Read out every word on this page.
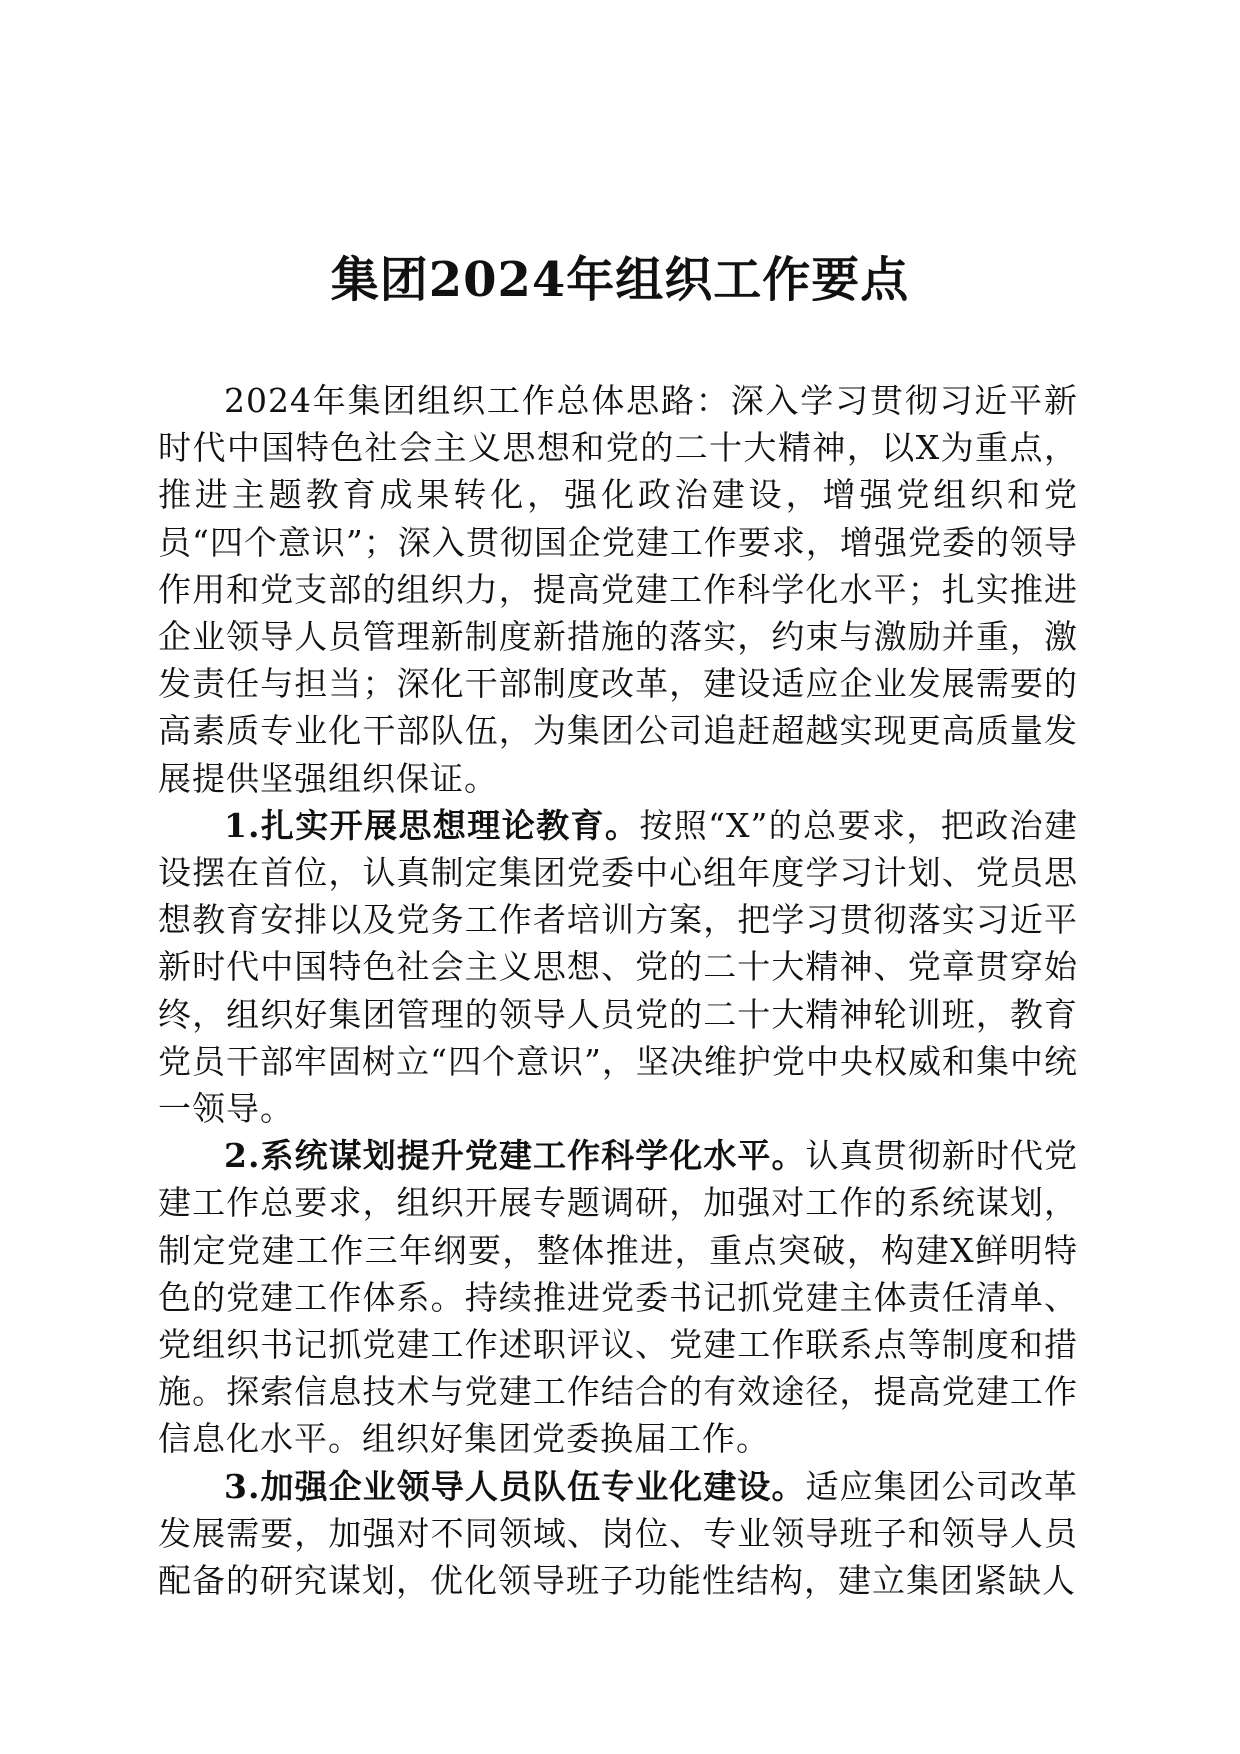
集团2024年组织工作要点

2024年集团组织工作总体思路：深入学习贯彻习近平新时代中国特色社会主义思想和党的二十大精神，以X为重点，推进主题教育成果转化，强化政治建设，增强党组织和党员“四个意识”；深入贯彻国企党建工作要求，增强党委的领导作用和党支部的组织力，提高党建工作科学化水平；扎实推进企业领导人员管理新制度新措施的落实，约束与激励并重，激发责任与担当；深化干部制度改革，建设适应企业发展需要的高素质专业化干部队伍，为集团公司追赶超越实现更高质量发展提供坚强组织保证。

1.扎实开展思想理论教育。按照“X”的总要求，把政治建设摆在首位，认真制定集团党委中心组年度学习计划、党员思想教育安排以及党务工作者培训方案，把学习贯彻落实习近平新时代中国特色社会主义思想、党的二十大精神、党章贯穿始终，组织好集团管理的领导人员党的二十大精神轮训班，教育党员干部牢固树立“四个意识”，坚决维护党中央权威和集中统一领导。

2.系统谋划提升党建工作科学化水平。认真贯彻新时代党建工作总要求，组织开展专题调研，加强对工作的系统谋划，制定党建工作三年纲要，整体推进，重点突破，构建X鲜明特色的党建工作体系。持续推进党委书记抓党建主体责任清单、党组织书记抓党建工作述职评议、党建工作联系点等制度和措施。探索信息技术与党建工作结合的有效途径，提高党建工作信息化水平。组织好集团党委换届工作。

3.加强企业领导人员队伍专业化建设。适应集团公司改革发展需要，加强对不同领域、岗位、专业领导班子和领导人员配备的研究谋划，优化领导班子功能性结构，建立集团紧缺人
